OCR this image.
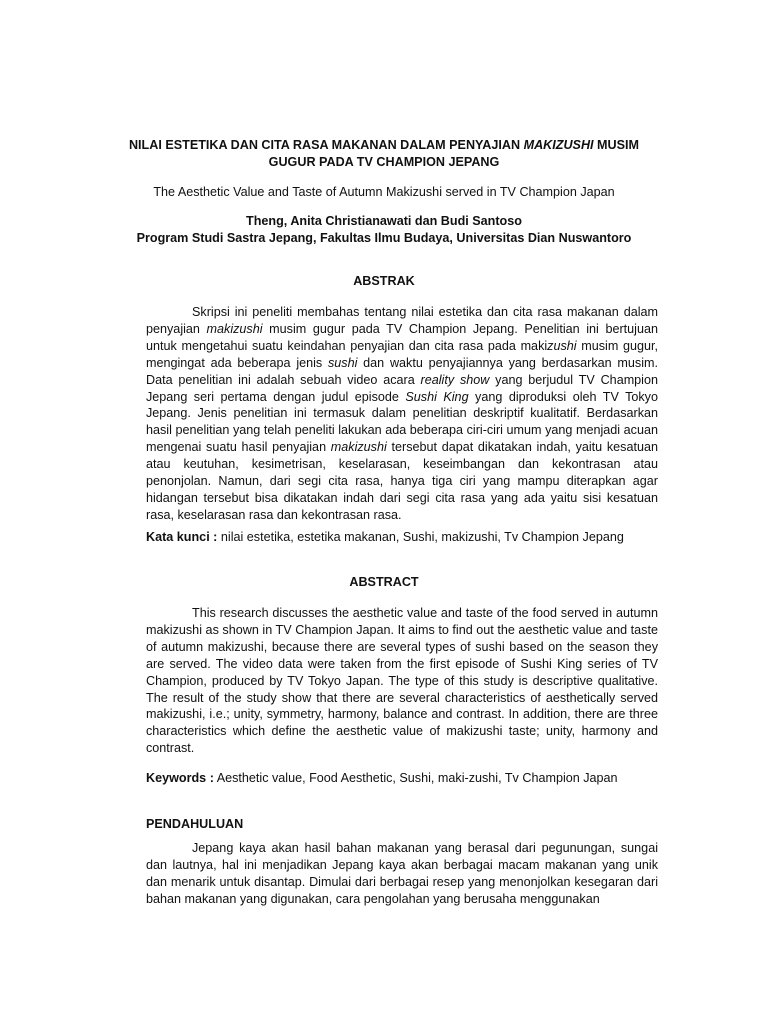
NILAI ESTETIKA DAN CITA RASA MAKANAN DALAM PENYAJIAN MAKIZUSHI MUSIM GUGUR PADA TV CHAMPION JEPANG

The Aesthetic Value and Taste of Autumn Makizushi served in TV Champion Japan

Theng, Anita Christianawati dan Budi Santoso

Program Studi Sastra Jepang, Fakultas Ilmu Budaya, Universitas Dian Nuswantoro

ABSTRAK

Skripsi ini peneliti membahas tentang nilai estetika dan cita rasa makanan dalam penyajian makizushi musim gugur pada TV Champion Jepang. Penelitian ini bertujuan untuk mengetahui suatu keindahan penyajian dan cita rasa pada makizushi musim gugur, mengingat ada beberapa jenis sushi dan waktu penyajiannya yang berdasarkan musim. Data penelitian ini adalah sebuah video acara reality show yang berjudul TV Champion Jepang seri pertama dengan judul episode Sushi King yang diproduksi oleh TV Tokyo Jepang. Jenis penelitian ini termasuk dalam penelitian deskriptif kualitatif. Berdasarkan hasil penelitian yang telah peneliti lakukan ada beberapa ciri-ciri umum yang menjadi acuan mengenai suatu hasil penyajian makizushi tersebut dapat dikatakan indah, yaitu kesatuan atau keutuhan, kesimetrisan, keselarasan, keseimbangan dan kekontrasan atau penonjolan. Namun, dari segi cita rasa, hanya tiga ciri yang mampu diterapkan agar hidangan tersebut bisa dikatakan indah dari segi cita rasa yang ada yaitu sisi kesatuan rasa, keselarasan rasa dan kekontrasan rasa.

Kata kunci : nilai estetika, estetika makanan, Sushi, makizushi, Tv Champion Jepang

ABSTRACT

This research discusses the aesthetic value and taste of the food served in autumn makizushi as shown in TV Champion Japan. It aims to find out the aesthetic value and taste of autumn makizushi, because there are several types of sushi based on the season they are served. The video data were taken from the first episode of Sushi King series of TV Champion, produced by TV Tokyo Japan. The type of this study is descriptive qualitative. The result of the study show that there are several characteristics of aesthetically served makizushi, i.e.; unity, symmetry, harmony, balance and contrast. In addition, there are three characteristics which define the aesthetic value of makizushi taste; unity, harmony and contrast.

Keywords : Aesthetic value, Food Aesthetic, Sushi, maki-zushi, Tv Champion Japan

PENDAHULUAN

Jepang kaya akan hasil bahan makanan yang berasal dari pegunungan, sungai dan lautnya, hal ini menjadikan Jepang kaya akan berbagai macam makanan yang unik dan menarik untuk disantap. Dimulai dari berbagai resep yang menonjolkan kesegaran dari bahan makanan yang digunakan, cara pengolahan yang berusaha menggunakan
